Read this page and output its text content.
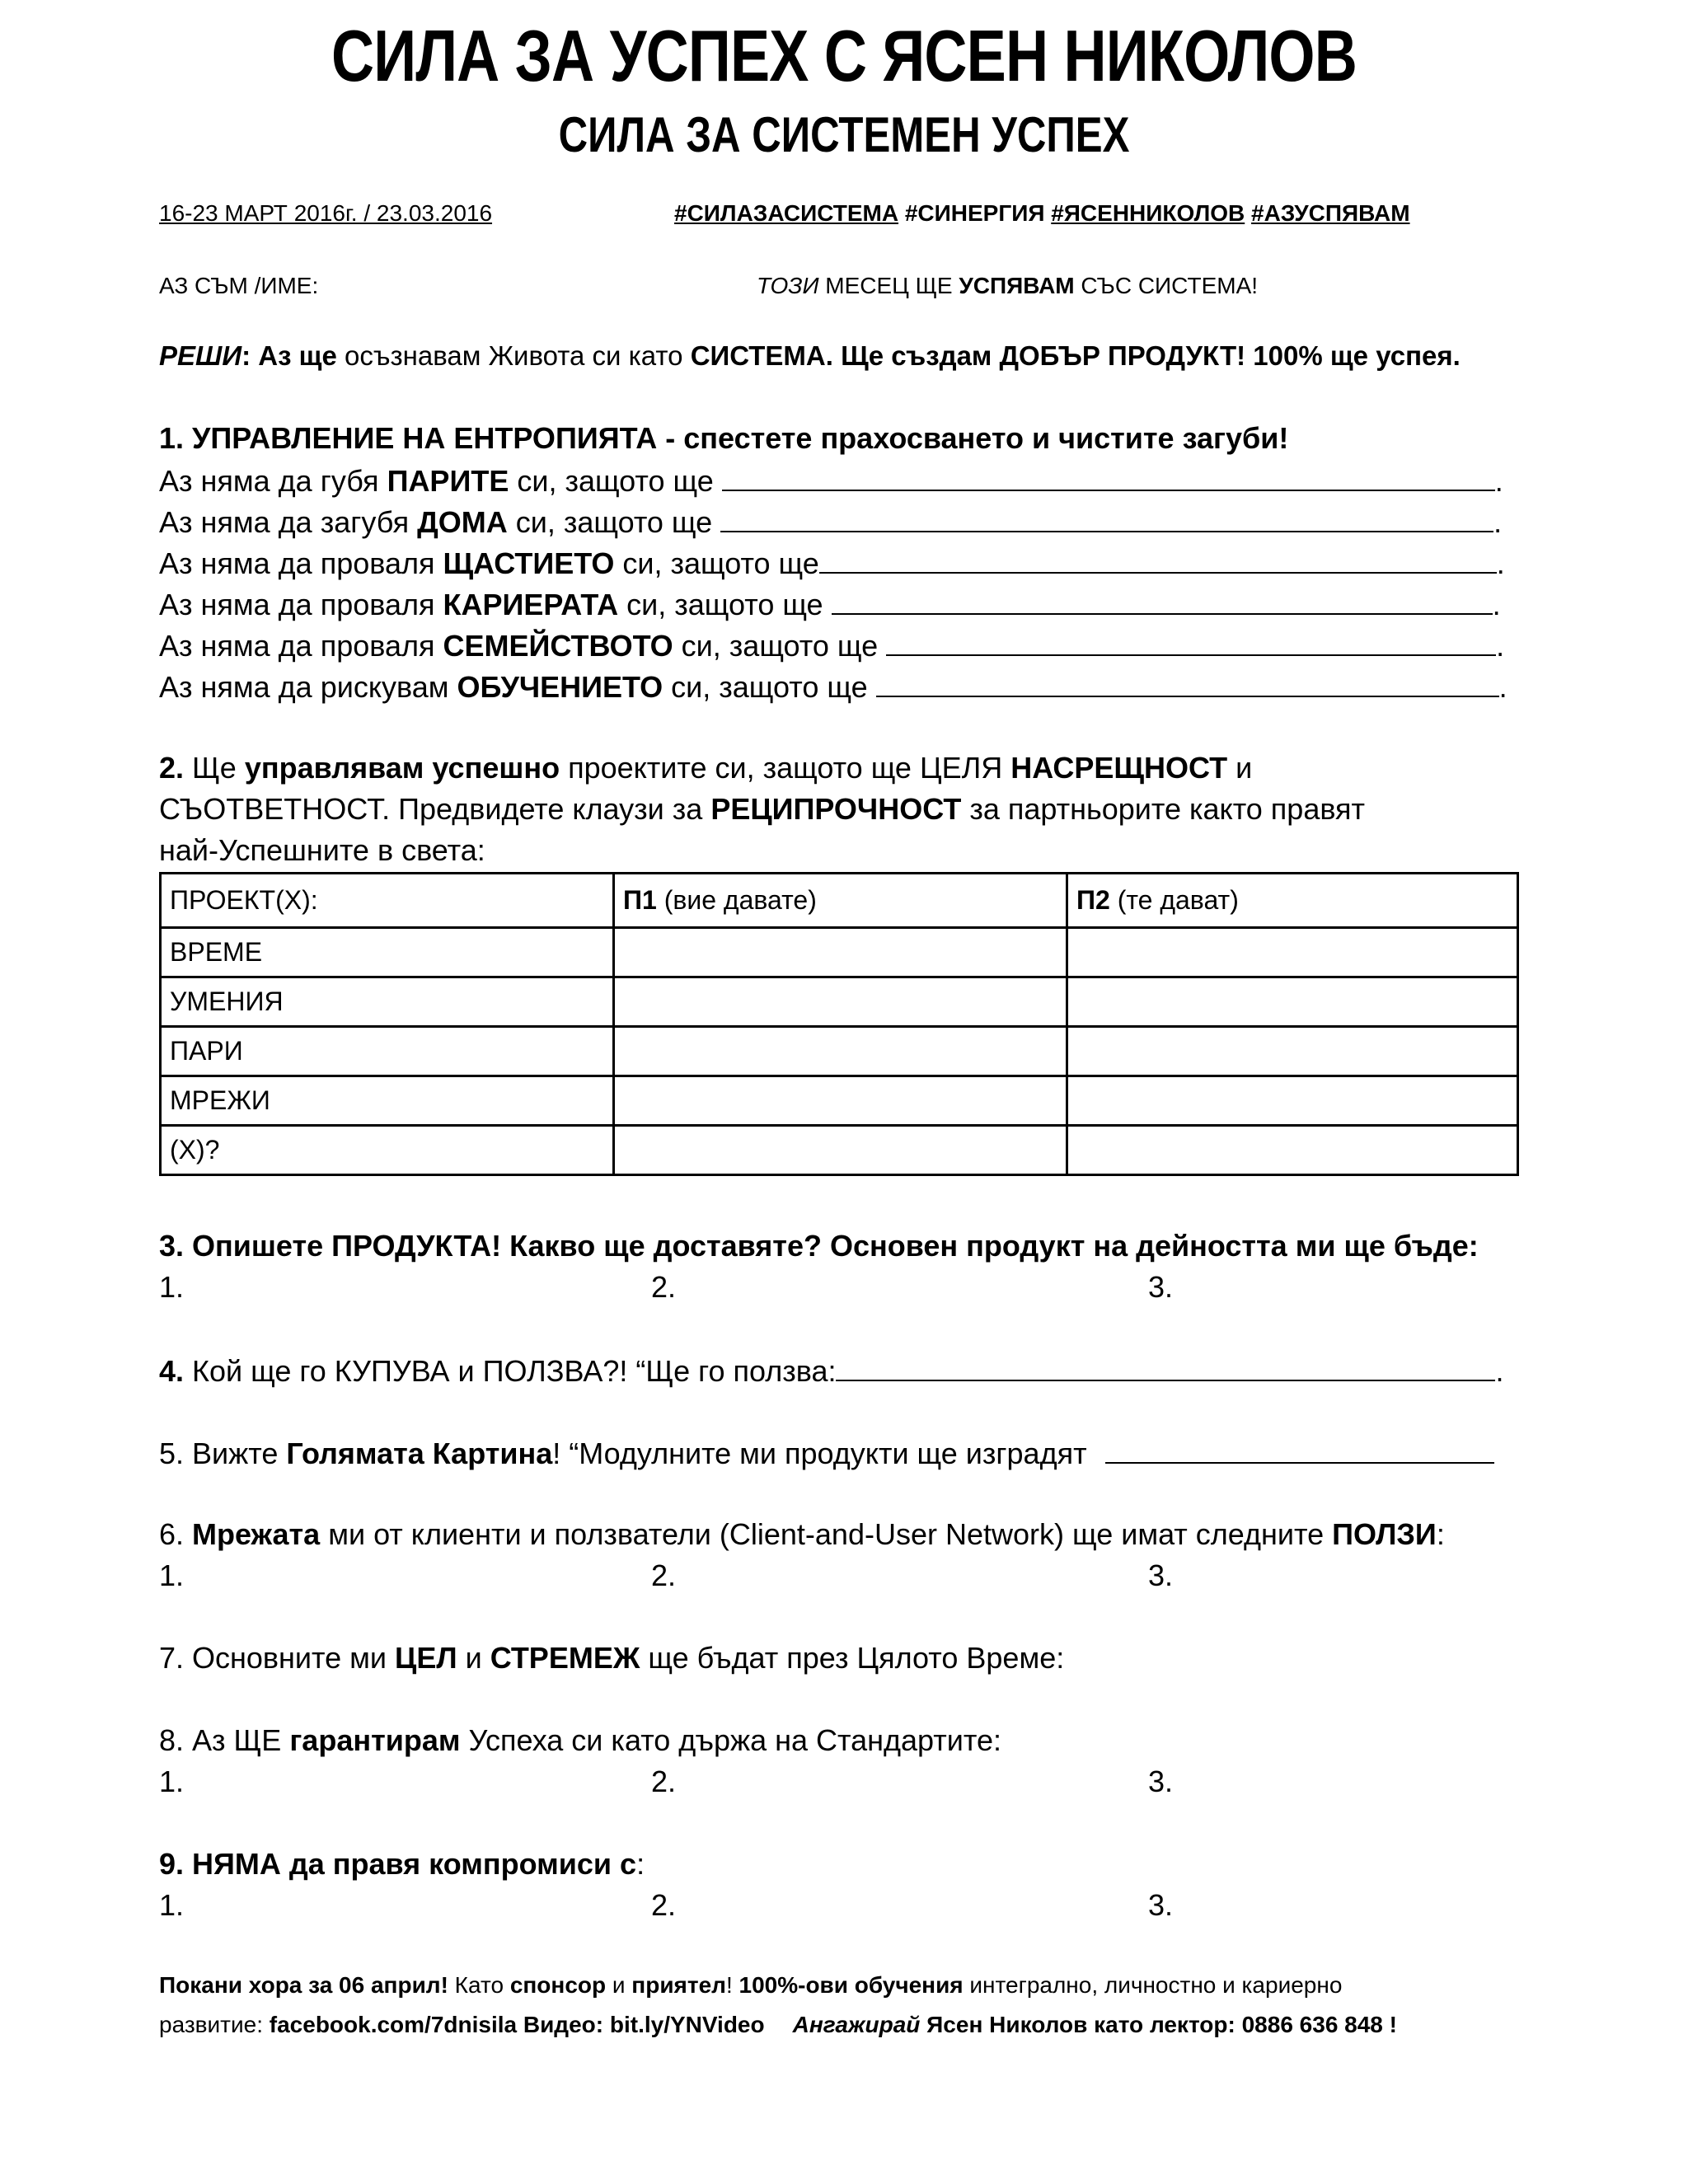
СИЛА ЗА УСПЕХ С ЯСЕН НИКОЛОВ
СИЛА ЗА СИСТЕМЕН УСПЕХ
16-23 МАРТ 2016г. / 23.03.2016	#СИЛАЗАСИСТЕМА #СИНЕРГИЯ #ЯСЕННИКОЛОВ #АЗУСПЯВАМ
АЗ СЪМ /ИМЕ:	ТОЗИ МЕСЕЦ ЩЕ УСПЯВАМ СЪС СИСТЕМА!
РЕШИ: Аз ще осъзнавам Живота си като СИСТЕМА. Ще създам ДОБЪР ПРОДУКТ! 100% ще успея.
1. УПРАВЛЕНИЕ НА ЕНТРОПИЯТА - спестете прахосването и чистите загуби!
Аз няма да губя ПАРИТЕ си, защото ще	.
Аз няма да загубя ДОМА си, защото ще	.
Аз няма да проваля ЩАСТИЕТО си, защото ще	.
Аз няма да проваля КАРИЕРАТА си, защото ще	.
Аз няма да проваля СЕМЕЙСТВОТО си, защото ще	.
Аз няма да рискувам ОБУЧЕНИЕТО си, защото ще	.
2. Ще управлявам успешно проектите си, защото ще ЦЕЛЯ НАСРЕЩНОСТ и
СЪОТВЕТНОСТ. Предвидете клаузи за РЕЦИПРОЧНОСТ за партньорите както правят
най-Успешните в света:
ПРОЕКТ(Х):	П1 (вие давате)	П2 (те дават)
ВРЕМЕ		
УМЕНИЯ		
ПАРИ		
МРЕЖИ		
(Х)?		
3. Опишете ПРОДУКТА! Какво ще доставяте? Основен продукт на дейността ми ще бъде:
1.	2.	3.
4. Кой ще го КУПУВА и ПОЛЗВА?! “Ще го ползва:	.
5. Вижте Голямата Картина! “Модулните ми продукти ще изградят
6. Мрежата ми от клиенти и ползватели (Client-and-User Network) ще имат следните ПОЛЗИ:
1.	2.	3.
7. Основните ми ЦЕЛ и СТРЕМЕЖ ще бъдат през Цялото Време:
8. Аз ЩЕ гарантирам Успеха си като държа на Стандартите:
1.	2.	3.
9. НЯМА да правя компромиси с:
1.	2.	3.
Покани хора за 06 април! Като спонсор и приятел! 100%-ови обучения интегрално, личностно и кариерно
развитие: facebook.com/7dnisila Видео: bit.ly/YNVideo Ангажирай Ясен Николов като лектор: 0886 636 848 !
